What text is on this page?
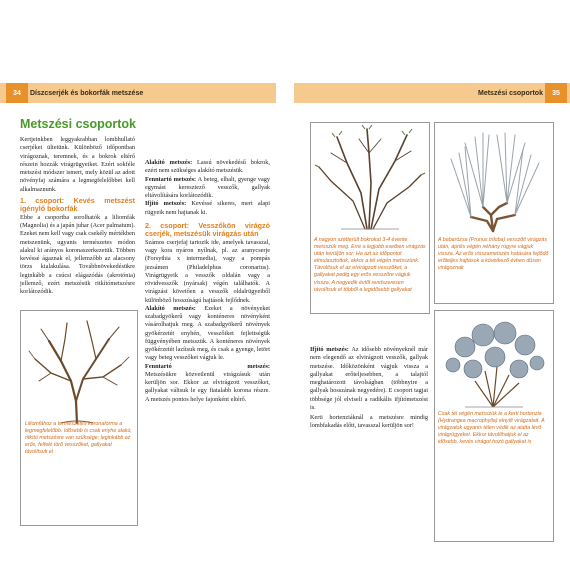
34	Díszcserjék és bokorfák metszése	Metszési csoportok	35
Metszési csoportok

Kertjeinkben leggyakrabban lombhullató cserjéket ültetünk. Különböző időpontban virágoznak, teremnek, és a bokrok eltérő részein hozzák virágrügyeiket. Ezért sokféle metszési módszer ismert, mely közül az adott növényfaj számára a legmegfelelőbbet kell alkalmaznunk.

1. csoport: Kevés metszést igénylő bokorfák

Ebbe a csoportba sorolhatók a liliomfák (Magnolia) és a japán juhar (Acer palmatum). Ezeket nem kell vagy csak csekély mértékben metszenünk, ugyanis természetes módon alakul ki arányos koronaszerkezetük. Többen kevéssé ágaznak el, jellemzőbb az alacsony törzs kialakulása. Továbbnövekedésükre leginkább a csúcsi elágazódás (akrotónia) jellemző, ezért metszésük ritkítómetszésre korlátozódik.

Liliomfához a természetes koronaforma a legmegfelelőbb. Idősebb is csak enyhe alakú, ritkító metszésre van szüksége; leginkább az erős, felfelé törő vesszőket, gallyakat távolítsuk el

Alakító metszés: Lassú növekedésű bokrok, ezért nem szükséges alakító metszésük.

Fenntartó metszés: A beteg, elhalt, gyenge vagy egymást keresztező vesszők, gallyak eltávolítására korlátozódik.

Ifjító metszés: Kevéssé sikeres, mert alapi rügyeik nem hajtanak ki.

2. csoport: Vesszőkön virágzó cserjék, metszésük virágzás után

Számos cserjefaj tartozik ide, amelyek tavasszal, vagy kora nyáron nyílnak, pl. az aranycserje (Forsythia x intermedia), vagy a pompás jezsámen (Philadelphus coronarius). Virágrügyeik a vesszők oldalán vagy a rövidvesszők (nyársak) végén találhatók. A virágzást követően a vesszők oldalrügyeiből különböző hosszúságú hajtások fejlődnek.

Alakító metszés: Ezeket a növényeket szabadgyökerű vagy konténeres növényként vásárolhatjuk meg. A szabadgyökerű növények gyökérzetét enyhén, vesszőiket fejlettségük függvényében metsszük. A konténeres növények gyökérzetét lazítsuk meg, és csak a gyenge, letört vagy beteg vesszőket vágjuk le.

Fenntartó metszés: Metszésükre közvetlenül virágzásuk után kerüljön sor. Ekkor az elvirágzott vesszőket, gallyakat váltsuk le egy fiatalabb korona részre. A metszés pontos helye fajonként eltérő.

A nagyon szétterült bokrokat 3-4 évente metsszük meg. Erre a legjobb esetben virágzás után kerüljön sor. Ha azt az időpontot elmulasztottuk, akkor a tél végén metsszünk. Távolítsuk el az elvirágzott vesszőket, a gallyakat pedig egy erős vesszőre vágjuk vissza. A negyedik évtől rendszeresen távolítsuk el többől a legidősebb gallyakat
A babarózsa (Prunus triloba) vesszőit virágzás után, április végén néhány rügyre vágjuk vissza. Az erős visszametszés hatására fejlődő erőteljes hajtások a következő évben dúsan virágoznak

Ifjító metszés: Az idősebb növényeknél már nem elegendő az elvirágzott vesszők, gallyak metszése. Időközönként vágjuk vissza a gallyakat erőteljesebben, a talajtól meghatározott távolságban (többnyire a gallyak hosszának negyedére). E csoport tagjai többsége jól elviseli a radikális ifjítómetszést is.

Kerti hortenziáknál a metszésre mindig lombfakadás előtt, tavasszal kerüljön sor!

Csak tél végén metsszük le a kerti hortenzia (Hydrangea macrophylla) elnyílt virágzatait. A virágzatok ugyanis télen védik az alatta lévő virágrügyeket. Ekkor távolíthatjuk el az idősebb, kevés virágot hozó gallyakat is
